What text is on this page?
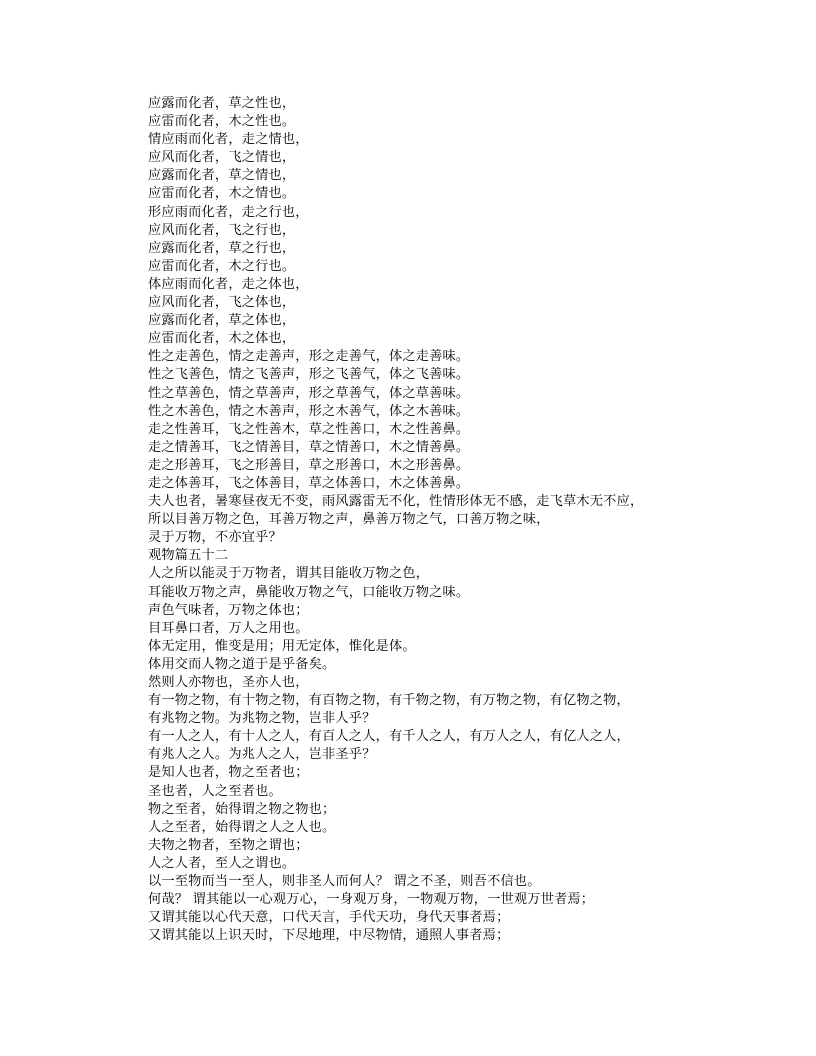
应露而化者，草之性也，
应雷而化者，木之性也。
情应雨而化者，走之情也，
应风而化者，飞之情也，
应露而化者，草之情也，
应雷而化者，木之情也。
形应雨而化者，走之行也，
应风而化者，飞之行也，
应露而化者，草之行也，
应雷而化者，木之行也。
体应雨而化者，走之体也，
应风而化者，飞之体也，
应露而化者，草之体也，
应雷而化者，木之体也，
性之走善色，情之走善声，形之走善气，体之走善味。
性之飞善色，情之飞善声，形之飞善气，体之飞善味。
性之草善色，情之草善声，形之草善气，体之草善味。
性之木善色，情之木善声，形之木善气，体之木善味。
走之性善耳，飞之性善木，草之性善口，木之性善鼻。
走之情善耳，飞之情善目，草之情善口，木之情善鼻。
走之形善耳，飞之形善目，草之形善口，木之形善鼻。
走之体善耳，飞之体善目，草之体善口，木之体善鼻。
夫人也者，暑寒昼夜无不变，雨风露雷无不化，性情形体无不感，走飞草木无不应，
所以目善万物之色，耳善万物之声，鼻善万物之气，口善万物之味，
灵于万物，不亦宜乎？
观物篇五十二
人之所以能灵于万物者，谓其目能收万物之色，
耳能收万物之声，鼻能收万物之气，口能收万物之味。
声色气味者，万物之体也；
目耳鼻口者，万人之用也。
体无定用，惟变是用；用无定体，惟化是体。
体用交而人物之道于是乎备矣。
然则人亦物也，圣亦人也，
有一物之物，有十物之物，有百物之物，有千物之物，有万物之物，有亿物之物，
有兆物之物。为兆物之物，岂非人乎？
有一人之人，有十人之人，有百人之人，有千人之人，有万人之人，有亿人之人，
有兆人之人。为兆人之人，岂非圣乎？
是知人也者，物之至者也；
圣也者，人之至者也。
物之至者，始得谓之物之物也；
人之至者，始得谓之人之人也。
夫物之物者，至物之谓也；
人之人者，至人之谓也。
以一至物而当一至人，则非圣人而何人？ 谓之不圣，则吾不信也。
何哉？ 谓其能以一心观万心，一身观万身，一物观万物，一世观万世者焉；
又谓其能以心代天意，口代天言，手代天功，身代天事者焉；
又谓其能以上识天时，下尽地理，中尽物情，通照人事者焉；
